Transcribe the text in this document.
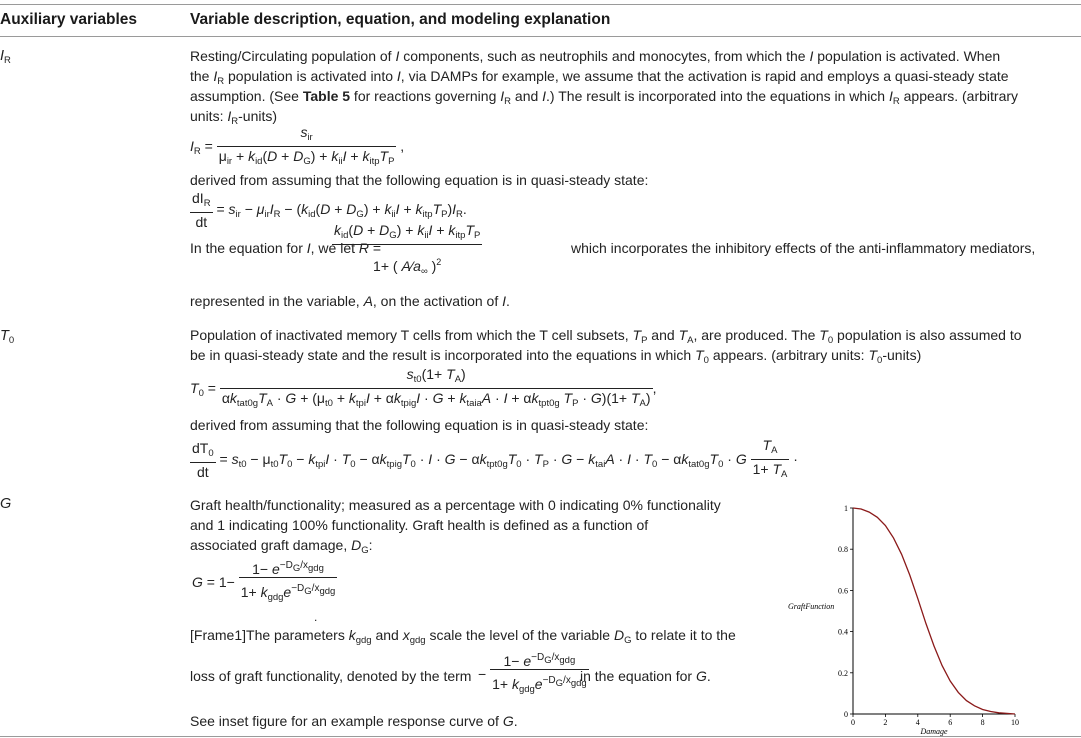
Auxiliary variables	Variable description, equation, and modeling explanation
$I_R$	Resting/Circulating population of I components, such as neutrophils and monocytes, from which the I population is activated. When
the $I_R$ population is activated into I, via DAMPs for example, we assume that the activation is rapid and employs a quasi-steady state
assumption. (See Table 5 for reactions governing $I_R$ and I.) The result is incorporated into the equations in which $I_R$ appears. (arbitrary
units: $I_R-units$)
$I_R = \frac{s_{ir}}{\mu_{ir} + k_{id}(D + D_G) + k_{ii}I + k_{itp}T_P}$ ,
derived from assuming that the following equation is in quasi-steady state:
$\frac{dI_R}{dt} = s_{ir} - \mu_{ir}I_R - (k_{id}(D + D_G) + k_{ii}I + k_{itp}T_P)I_R$.
In the equation for I, we let R =
$\frac{k_{id}(D + D_G) + k_{ii}I + k_{itp}T_P}{1+ ( A⁄a_\infty )^2}$	which incorporates the inhibitory effects of the anti-inflammatory mediators,
represented in the variable, A, on the activation of I.
$T_0$	Population of inactivated memory T cells from which the T cell subsets, $T_P$ and $T_A$, are produced. The $T_0$ population is also assumed to
be in quasi-steady state and the result is incorporated into the equations in which $T_0$ appears. (arbitrary units: $T_0-units$)
$T_0$ =
$s_{t0}(1+ T_A)$
$\alpha k_{tat0g}T_A \cdot G + (\mu_{t0} + k_{tpi}I + \alpha k_{tpig}I \cdot G + k_{taia}A \cdot I + \alpha k_{tpt0g}$ $T_P \cdot G)(1+ T_A)$
,
derived from assuming that the following equation is in quasi-steady state:
$\frac{dT_0}{dt} = s_{t0} - \mu_{t0}T_0 - k_{tpi}I \cdot T_0 - \alpha k_{tpig}T_0 \cdot I \cdot G - \alpha k_{tpt0g}T_0 \cdot T_P \cdot G - k_{tai}A \cdot I \cdot T_0 - \alpha k_{tat0g}T_0 \cdot G \frac{T_A}{1+ T_A}$ ·
G	Graft health/functionality; measured as a percentage with 0 indicating 0% functionality
and 1 indicating 100% functionality. Graft health is defined as a function of
associated graft damage, $D_G$:
$G = 1- \frac{1- e^{-D_G/x_{gdg}}}{1+ k_{gdg}e^{-D_G/x_{gdg}}}$
.
[Frame1]The parameters $k_{gdg}$ and $x_{gdg}$ scale the level of the variable $D_G$ to relate it to the
loss of graft functionality, denoted by the term − $\frac{1- e^{-D_G/x_{gdg}}}{1+ k_{gdg}e^{-D_G/x_{gdg}}}$
in the equation for G.
See inset figure for an example response curve of G.	0	2	4	6	8	10
0
0.2
0.4
0.6
0.8
1
Damage
GraftFunction
